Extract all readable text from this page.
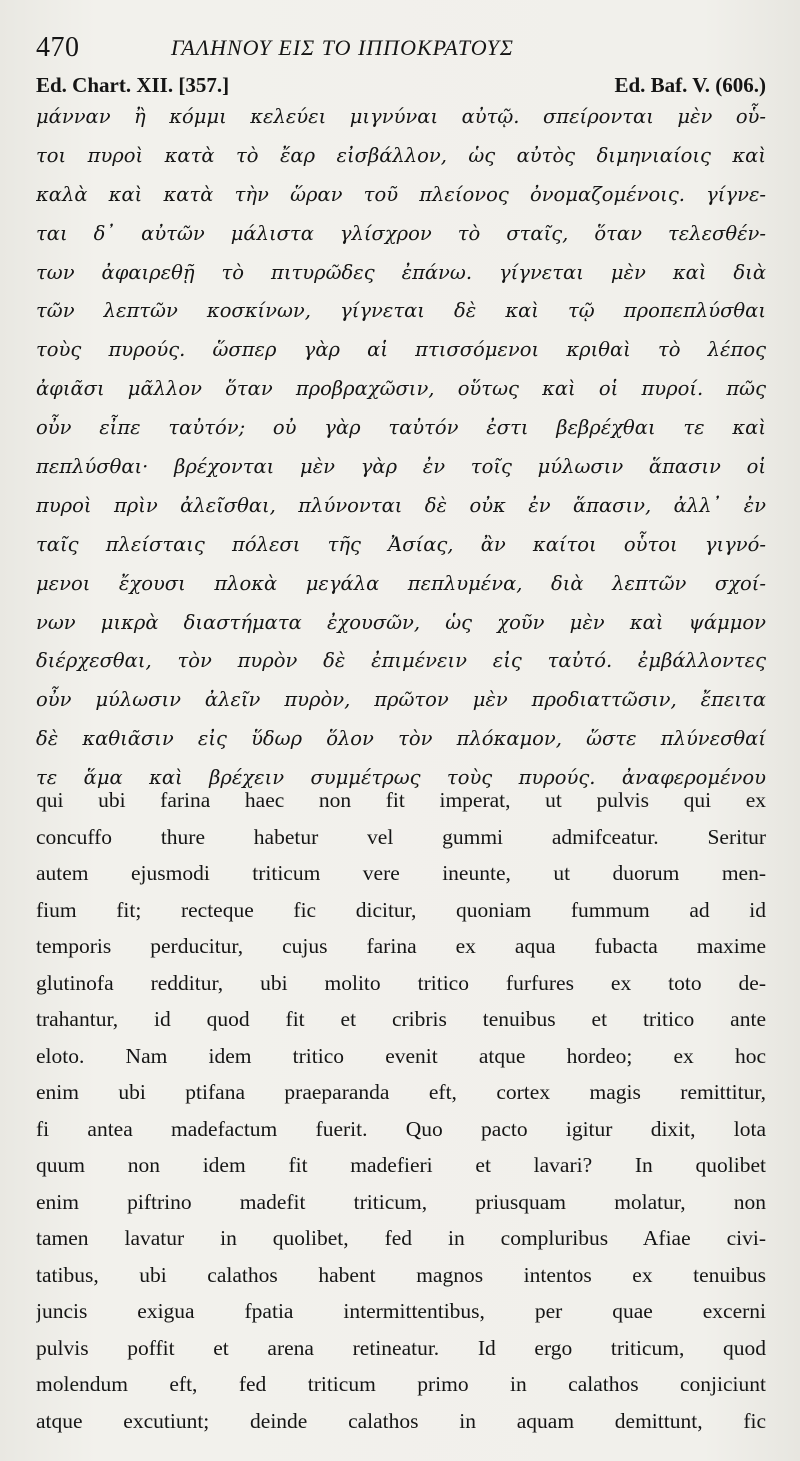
470	ΓΑΛΗΝΟΥ ΕΙΣ ΤΟ ΙΠΠΟΚΡΑΤΟΥΣ
Ed. Chart. XII. [357.]	Ed. Baf. V. (606.)
μάνναν ἢ κόμμι κελεύει μιγνύναι αὐτῷ. σπείρονται μὲν οὗ-
τοι πυροὶ κατὰ τὸ ἔαρ εἰσβάλλον, ὡς αὐτὸς διμηνιαίοις καὶ
καλὰ καὶ κατὰ τὴν ὥραν τοῦ πλείονος ὀνομαζομένοις. γίγνε-
ται δ᾽ αὐτῶν μάλιστα γλίσχρον τὸ σταῖς, ὅταν τελεσθέν-
των ἀφαιρεθῇ τὸ πιτυρῶδες ἐπάνω. γίγνεται μὲν καὶ διὰ
τῶν λεπτῶν κοσκίνων, γίγνεται δὲ καὶ τῷ προπεπλύσθαι
τοὺς πυρούς. ὥσπερ γὰρ αἱ πτισσόμενοι κριθαὶ τὸ λέπος
ἀφιᾶσι μᾶλλον ὅταν προβραχῶσιν, οὕτως καὶ οἱ πυροί. πῶς
οὖν εἶπε ταὐτόν; οὐ γὰρ ταὐτόν ἐστι βεβρέχθαι τε καὶ
πεπλύσθαι· βρέχονται μὲν γὰρ ἐν τοῖς μύλωσιν ἅπασιν οἱ
πυροὶ πρὶν ἀλεῖσθαι, πλύνονται δὲ οὐκ ἐν ἅπασιν, ἀλλ᾽ ἐν
ταῖς πλείσταις πόλεσι τῆς Ἀσίας, ἂν καίτοι οὗτοι γιγνό-
μενοι ἔχουσι πλοκὰ μεγάλα πεπλυμένα, διὰ λεπτῶν σχοί-
νων μικρὰ διαστήματα ἐχουσῶν, ὡς χοῦν μὲν καὶ ψάμμον
διέρχεσθαι, τὸν πυρὸν δὲ ἐπιμένειν εἰς ταὐτό. ἐμβάλλοντες
οὖν μύλωσιν ἀλεῖν πυρὸν, πρῶτον μὲν προδιαττῶσιν, ἔπειτα
δὲ καθιᾶσιν εἰς ὕδωρ ὅλον τὸν πλόκαμον, ὥστε πλύνεσθαί
τε ἅμα καὶ βρέχειν συμμέτρως τοὺς πυρούς. ἀναφερομένου
qui ubi farina haec non fit imperat, ut pulvis qui ex
concuffo thure habetur vel gummi admifceatur. Seritur
autem ejusmodi triticum vere ineunte, ut duorum men-
fium fit; recteque fic dicitur, quoniam fummum ad id
temporis perducitur, cujus farina ex aqua fubacta maxime
glutinofa redditur, ubi molito tritico furfures ex toto de-
trahantur, id quod fit et cribris tenuibus et tritico ante
eloto. Nam idem tritico evenit atque hordeo; ex hoc
enim ubi ptifana praeparanda eft, cortex magis remittitur,
fi antea madefactum fuerit. Quo pacto igitur dixit, lota
quum non idem fit madefieri et lavari? In quolibet
enim piftrino madefit triticum, priusquam molatur, non
tamen lavatur in quolibet, fed in compluribus Afiae civi-
tatibus, ubi calathos habent magnos intentos ex tenuibus
juncis exigua fpatia intermittentibus, per quae excerni
pulvis poffit et arena retineatur. Id ergo triticum, quod
molendum eft, fed triticum primo in calathos conjiciunt
atque excutiunt; deinde calathos in aquam demittunt, fic
